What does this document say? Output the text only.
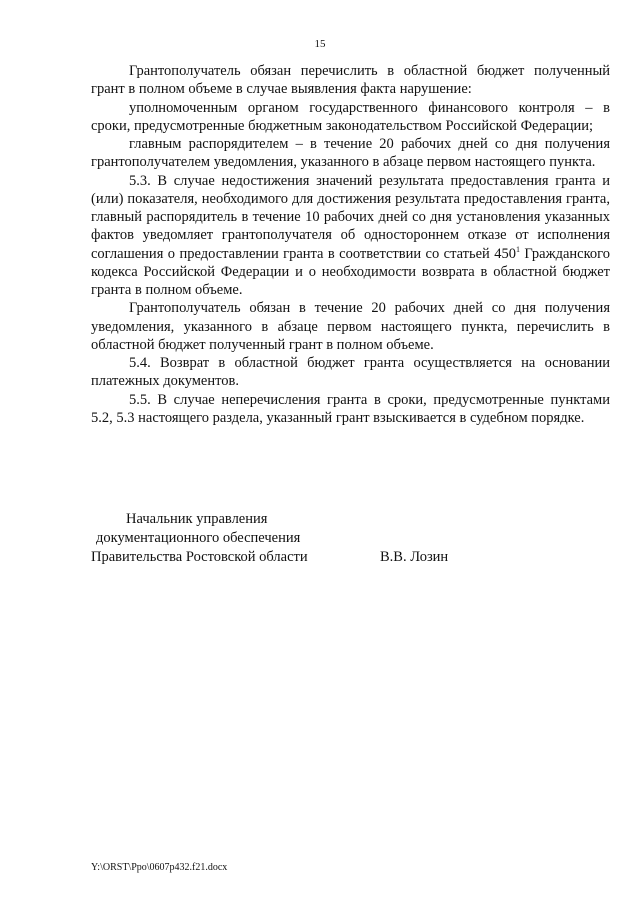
15

Грантополучатель обязан перечислить в областной бюджет полученный грант в полном объеме в случае выявления факта нарушение:

уполномоченным органом государственного финансового контроля – в сроки, предусмотренные бюджетным законодательством Российской Федерации;

главным распорядителем – в течение 20 рабочих дней со дня получения грантополучателем уведомления, указанного в абзаце первом настоящего пункта.

5.3. В случае недостижения значений результата предоставления гранта и (или) показателя, необходимого для достижения результата предоставления гранта, главный распорядитель в течение 10 рабочих дней со дня установления указанных фактов уведомляет грантополучателя об одностороннем отказе от исполнения соглашения о предоставлении гранта в соответствии со статьей $450^1$ Гражданского кодекса Российской Федерации и о необходимости возврата в областной бюджет гранта в полном объеме.

Грантополучатель обязан в течение 20 рабочих дней со дня получения уведомления, указанного в абзаце первом настоящего пункта, перечислить в областной бюджет полученный грант в полном объеме.

5.4. Возврат в областной бюджет гранта осуществляется на основании платежных документов.

5.5. В случае неперечисления гранта в сроки, предусмотренные пунктами 5.2, 5.3 настоящего раздела, указанный грант взыскивается в судебном порядке.

Начальник управления
документационного обеспечения
Правительства Ростовской области	В.В. Лозин
Y:\ORST\Ppo\0607p432.f21.docx
